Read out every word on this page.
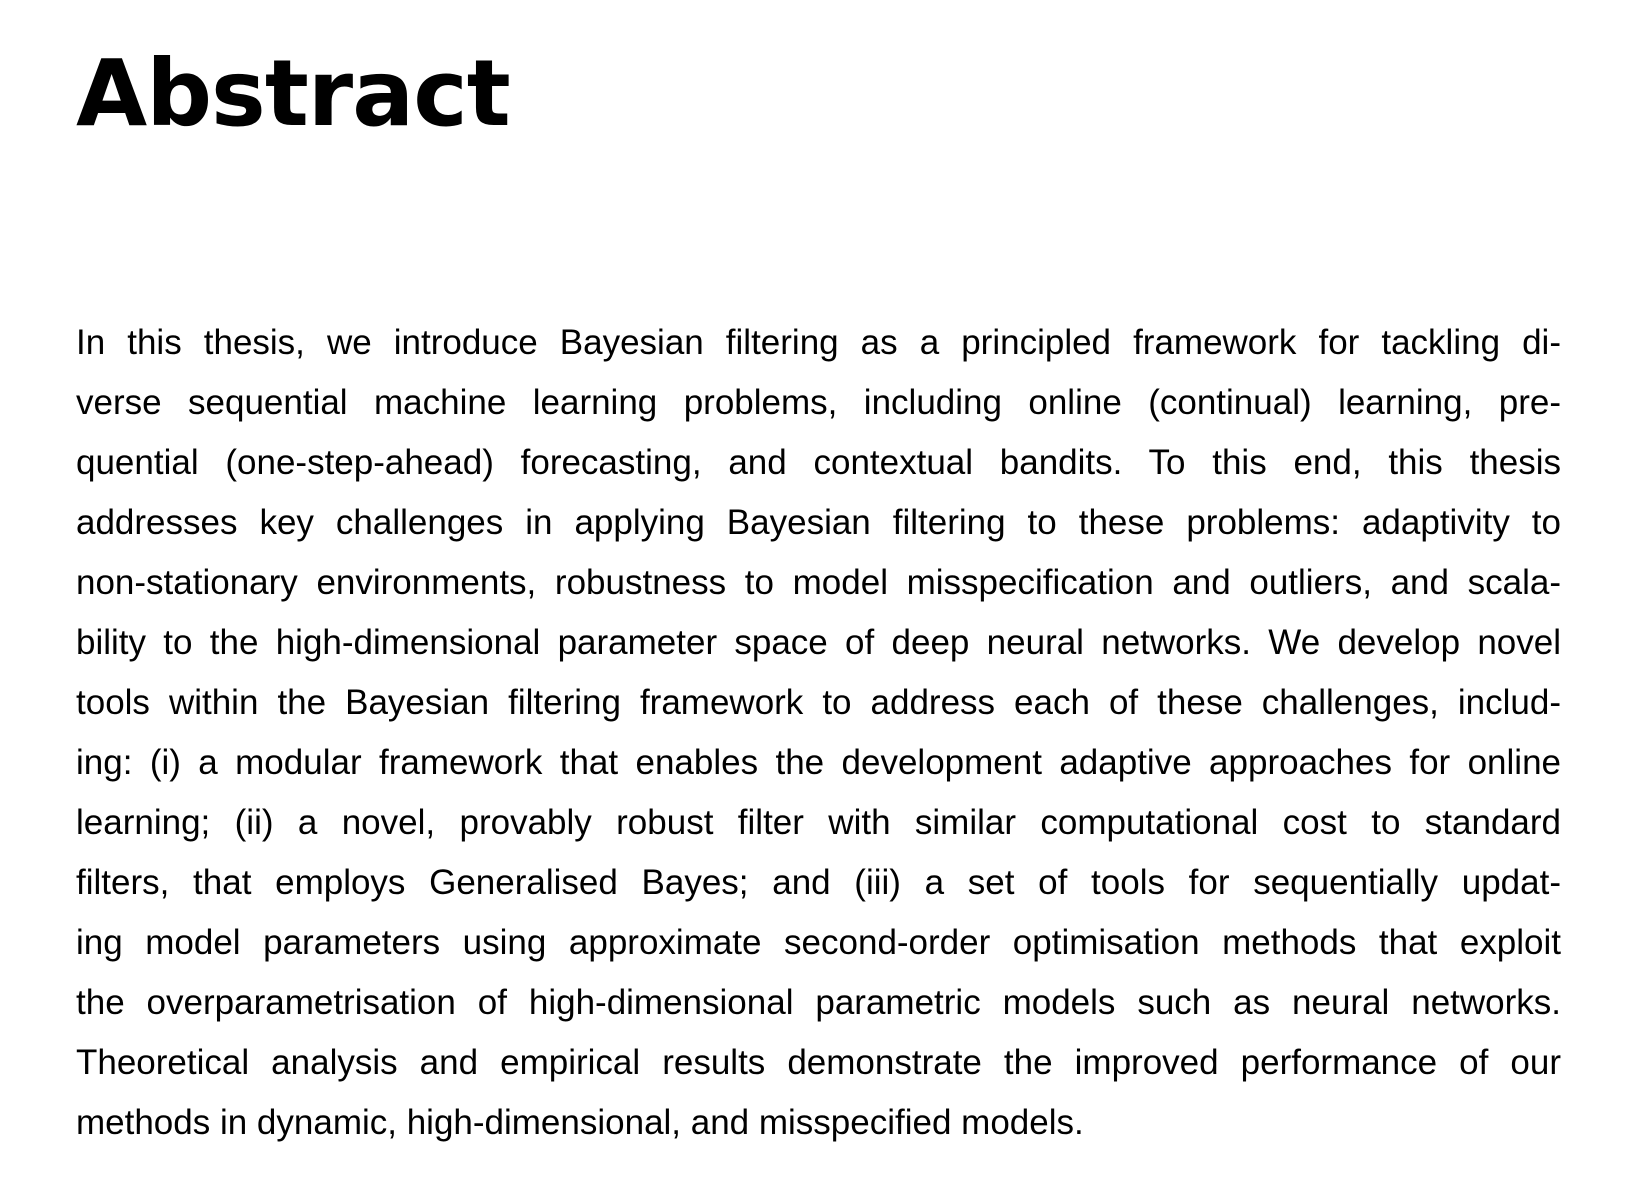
Abstract
In this thesis, we introduce Bayesian filtering as a principled framework for tackling di-
verse sequential machine learning problems, including online (continual) learning, pre-
quential (one-step-ahead) forecasting, and contextual bandits. To this end, this thesis
addresses key challenges in applying Bayesian filtering to these problems: adaptivity to
non-stationary environments, robustness to model misspecification and outliers, and scala-
bility to the high-dimensional parameter space of deep neural networks. We develop novel
tools within the Bayesian filtering framework to address each of these challenges, includ-
ing: (i) a modular framework that enables the development adaptive approaches for online
learning; (ii) a novel, provably robust filter with similar computational cost to standard
filters, that employs Generalised Bayes; and (iii) a set of tools for sequentially updat-
ing model parameters using approximate second-order optimisation methods that exploit
the overparametrisation of high-dimensional parametric models such as neural networks.
Theoretical analysis and empirical results demonstrate the improved performance of our
methods in dynamic, high-dimensional, and misspecified models.
